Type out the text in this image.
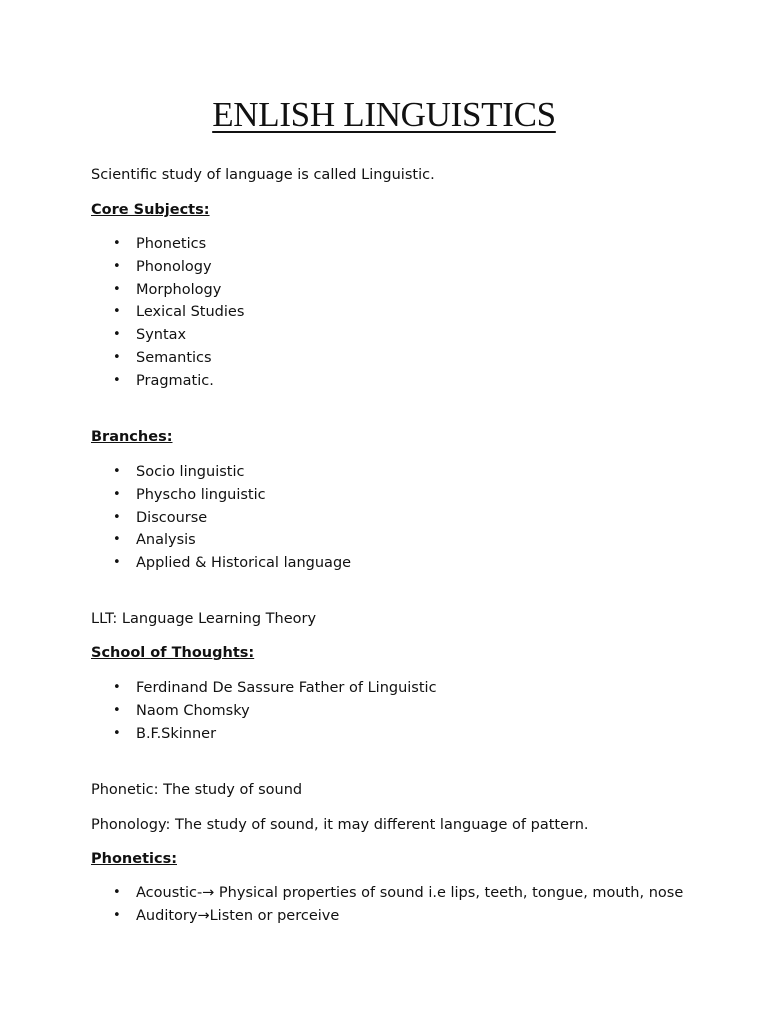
ENLISH LINGUISTICS
Scientific study of language is called Linguistic.
Core Subjects:
• Phonetics
• Phonology
• Morphology
• Lexical Studies
• Syntax
• Semantics
• Pragmatic.
Branches:
• Socio linguistic
• Physcho linguistic
• Discourse
• Analysis
• Applied & Historical language
LLT: Language Learning Theory
School of Thoughts:
• Ferdinand De Sassure Father of Linguistic
• Naom Chomsky
• B.F.Skinner
Phonetic: The study of sound
Phonology: The study of sound, it may different language of pattern.
Phonetics:
• Acoustic-→ Physical properties of sound i.e lips, teeth, tongue, mouth, nose
• Auditory→Listen or perceive
